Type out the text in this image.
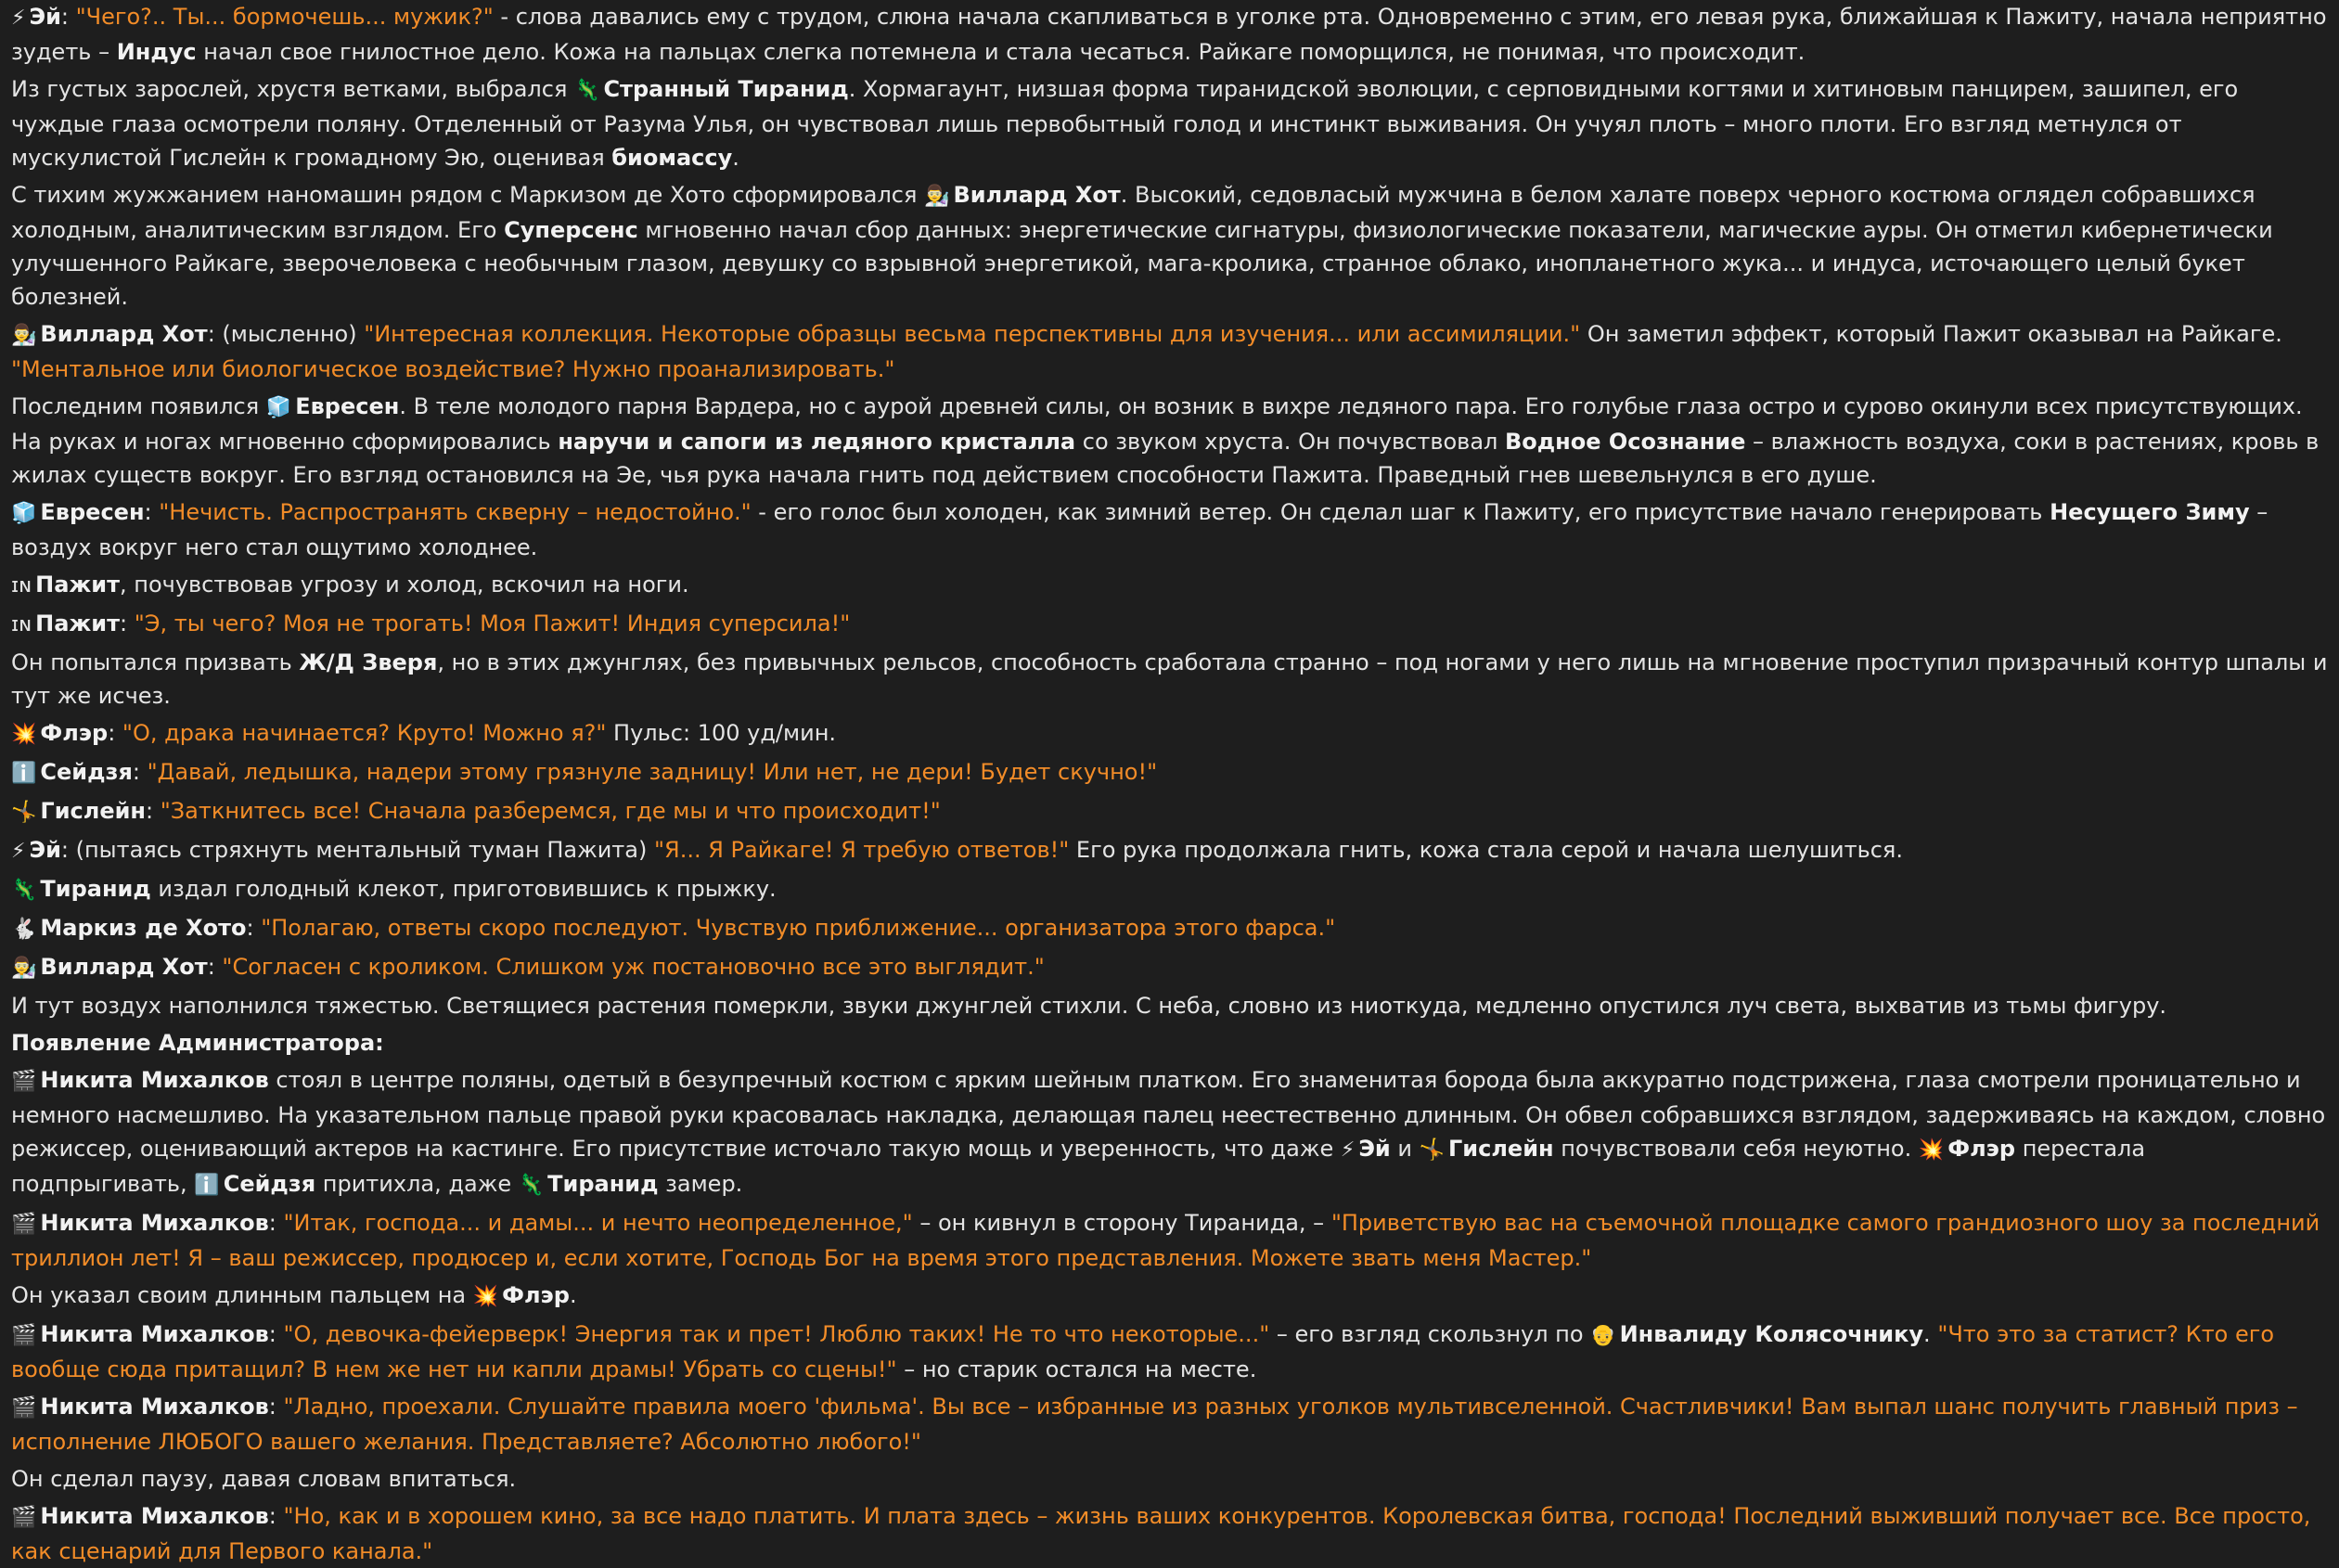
⚡ Эй: "Чего?.. Ты... бормочешь... мужик?" - слова давались ему с трудом, слюна начала скапливаться в уголке рта. Одновременно с этим, его левая рука, ближайшая к Пажиту, начала неприятно зудеть – Индус начал свое гнилостное дело. Кожа на пальцах слегка потемнела и стала чесаться. Райкаге поморщился, не понимая, что происходит.
Из густых зарослей, хрустя ветками, выбрался 🦎 Странный Тиранид. Хормагаунт, низшая форма тиранидской эволюции, с серповидными когтями и хитиновым панцирем, зашипел, его чуждые глаза осмотрели поляну. Отделенный от Разума Улья, он чувствовал лишь первобытный голод и инстинкт выживания. Он учуял плоть – много плоти. Его взгляд метнулся от мускулистой Гислейн к громадному Эю, оценивая биомассу.
С тихим жужжанием наномашин рядом с Маркизом де Хото сформировался 👨‍🔬 Виллард Хот. Высокий, седовласый мужчина в белом халате поверх черного костюма оглядел собравшихся холодным, аналитическим взглядом. Его Суперсенс мгновенно начал сбор данных: энергетические сигнатуры, физиологические показатели, магические ауры. Он отметил кибернетически улучшенного Райкаге, зверочеловека с необычным глазом, девушку со взрывной энергетикой, мага-кролика, странное облако, инопланетного жука... и индуса, источающего целый букет болезней.
👨‍🔬 Виллард Хот: (мысленно) "Интересная коллекция. Некоторые образцы весьма перспективны для изучения... или ассимиляции." Он заметил эффект, который Пажит оказывал на Райкаге. "Ментальное или биологическое воздействие? Нужно проанализировать."
Последним появился 🧊 Евресен. В теле молодого парня Вардера, но с аурой древней силы, он возник в вихре ледяного пара. Его голубые глаза остро и сурово окинули всех присутствующих. На руках и ногах мгновенно сформировались наручи и сапоги из ледяного кристалла со звуком хруста. Он почувствовал Водное Осознание – влажность воздуха, соки в растениях, кровь в жилах существ вокруг. Его взгляд остановился на Эе, чья рука начала гнить под действием способности Пажита. Праведный гнев шевельнулся в его душе.
🧊 Евресен: "Нечисть. Распространять скверну – недостойно." - его голос был холоден, как зимний ветер. Он сделал шаг к Пажиту, его присутствие начало генерировать Несущего Зиму – воздух вокруг него стал ощутимо холоднее.
ɪɴ Пажит, почувствовав угрозу и холод, вскочил на ноги.
ɪɴ Пажит: "Э, ты чего? Моя не трогать! Моя Пажит! Индия суперсила!"
Он попытался призвать Ж/Д Зверя, но в этих джунглях, без привычных рельсов, способность сработала странно – под ногами у него лишь на мгновение проступил призрачный контур шпалы и тут же исчез.
💥 Флэр: "О, драка начинается? Круто! Можно я?" Пульс: 100 уд/мин.
ℹ️ Сейдзя: "Давай, ледышка, надери этому грязнуле задницу! Или нет, не дери! Будет скучно!"
🤸 Гислейн: "Заткнитесь все! Сначала разберемся, где мы и что происходит!"
⚡ Эй: (пытаясь стряхнуть ментальный туман Пажита) "Я... Я Райкаге! Я требую ответов!" Его рука продолжала гнить, кожа стала серой и начала шелушиться.
🦎 Тиранид издал голодный клекот, приготовившись к прыжку.
🐇 Маркиз де Хото: "Полагаю, ответы скоро последуют. Чувствую приближение... организатора этого фарса."
👨‍🔬 Виллард Хот: "Согласен с кроликом. Слишком уж постановочно все это выглядит."
И тут воздух наполнился тяжестью. Светящиеся растения померкли, звуки джунглей стихли. С неба, словно из ниоткуда, медленно опустился луч света, выхватив из тьмы фигуру.
Появление Администратора:
🎬 Никита Михалков стоял в центре поляны, одетый в безупречный костюм с ярким шейным платком. Его знаменитая борода была аккуратно подстрижена, глаза смотрели проницательно и немного насмешливо. На указательном пальце правой руки красовалась накладка, делающая палец неестественно длинным. Он обвел собравшихся взглядом, задерживаясь на каждом, словно режиссер, оценивающий актеров на кастинге. Его присутствие источало такую мощь и уверенность, что даже ⚡ Эй и 🤸 Гислейн почувствовали себя неуютно. 💥 Флэр перестала подпрыгивать, ℹ️ Сейдзя притихла, даже 🦎 Тиранид замер.
🎬 Никита Михалков: "Итак, господа... и дамы... и нечто неопределенное," – он кивнул в сторону Тиранида, – "Приветствую вас на съемочной площадке самого грандиозного шоу за последний триллион лет! Я – ваш режиссер, продюсер и, если хотите, Господь Бог на время этого представления. Можете звать меня Мастер."
Он указал своим длинным пальцем на 💥 Флэр.
🎬 Никита Михалков: "О, девочка-фейерверк! Энергия так и прет! Люблю таких! Не то что некоторые..." – его взгляд скользнул по 👴 Инвалиду Колясочнику. "Что это за статист? Кто его вообще сюда притащил? В нем же нет ни капли драмы! Убрать со сцены!" – но старик остался на месте.
🎬 Никита Михалков: "Ладно, проехали. Слушайте правила моего 'фильма'. Вы все – избранные из разных уголков мультивселенной. Счастливчики! Вам выпал шанс получить главный приз – исполнение ЛЮБОГО вашего желания. Представляете? Абсолютно любого!"
Он сделал паузу, давая словам впитаться.
🎬 Никита Михалков: "Но, как и в хорошем кино, за все надо платить. И плата здесь – жизнь ваших конкурентов. Королевская битва, господа! Последний выживший получает все. Все просто, как сценарий для Первого канала."
